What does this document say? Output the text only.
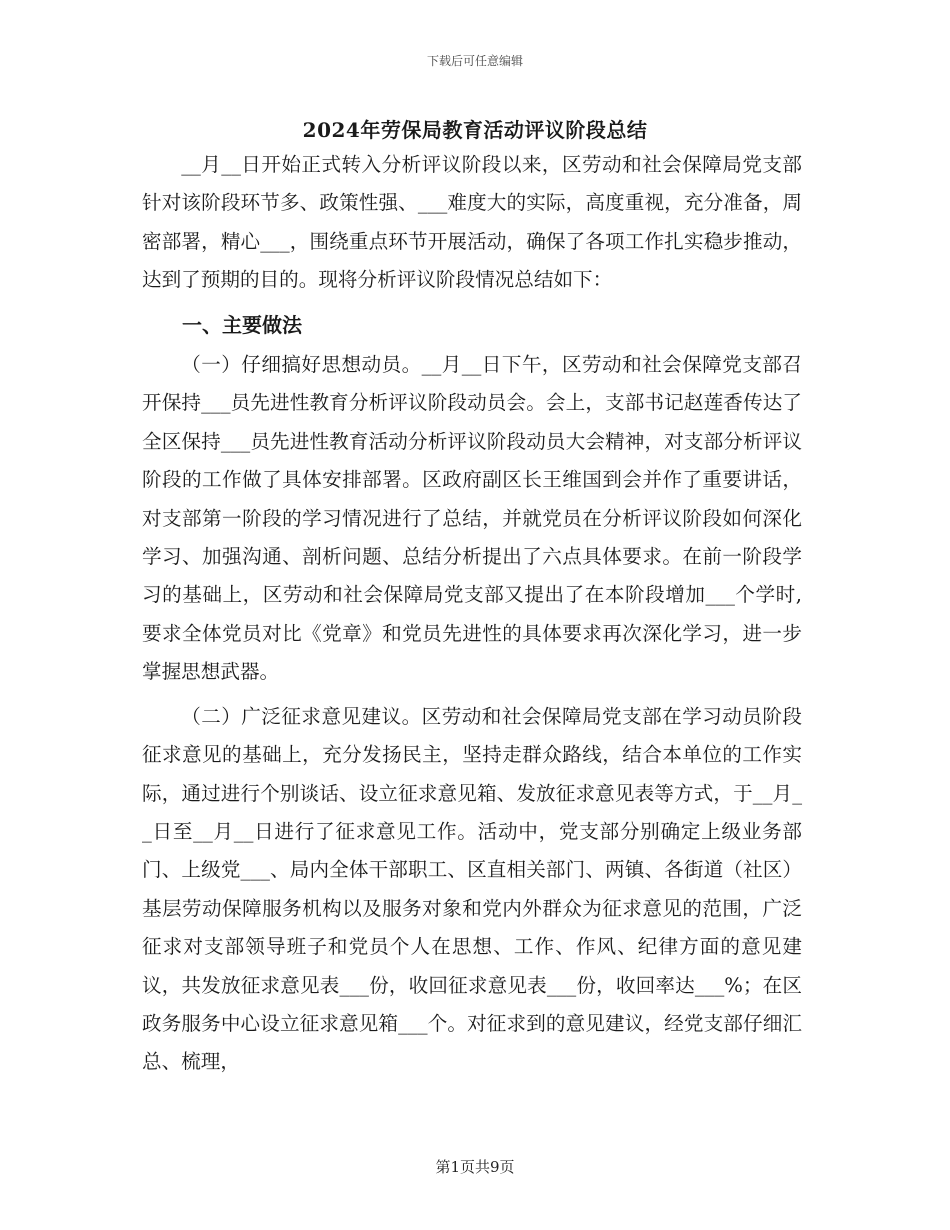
下载后可任意编辑
2024年劳保局教育活动评议阶段总结

__月__日开始正式转入分析评议阶段以来，区劳动和社会保障局党支部针对该阶段环节多、政策性强、___难度大的实际，高度重视，充分准备，周密部署，精心___，围绕重点环节开展活动，确保了各项工作扎实稳步推动，达到了预期的目的。现将分析评议阶段情况总结如下：

一、主要做法

（一）仔细搞好思想动员。__月__日下午，区劳动和社会保障党支部召开保持___员先进性教育分析评议阶段动员会。会上，支部书记赵莲香传达了全区保持___员先进性教育活动分析评议阶段动员大会精神，对支部分析评议阶段的工作做了具体安排部署。区政府副区长王维国到会并作了重要讲话，对支部第一阶段的学习情况进行了总结，并就党员在分析评议阶段如何深化学习、加强沟通、剖析问题、总结分析提出了六点具体要求。在前一阶段学习的基础上，区劳动和社会保障局党支部又提出了在本阶段增加___个学时,要求全体党员对比《党章》和党员先进性的具体要求再次深化学习，进一步掌握思想武器。

（二）广泛征求意见建议。区劳动和社会保障局党支部在学习动员阶段征求意见的基础上，充分发扬民主，坚持走群众路线，结合本单位的工作实际，通过进行个别谈话、设立征求意见箱、发放征求意见表等方式，于__月__日至__月__日进行了征求意见工作。活动中，党支部分别确定上级业务部门、上级党___、局内全体干部职工、区直相关部门、两镇、各街道（社区）基层劳动保障服务机构以及服务对象和党内外群众为征求意见的范围，广泛征求对支部领导班子和党员个人在思想、工作、作风、纪律方面的意见建议，共发放征求意见表___份，收回征求意见表___份，收回率达___%；在区政务服务中心设立征求意见箱___个。对征求到的意见建议，经党支部仔细汇总、梳理，

第1页共9页
